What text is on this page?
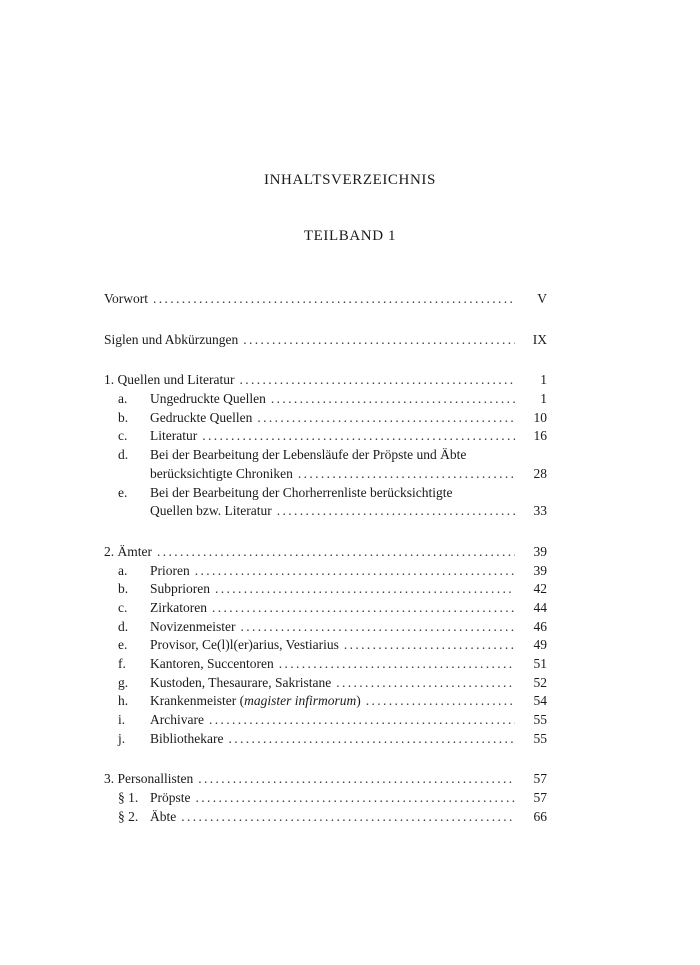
INHALTSVERZEICHNIS
TEILBAND 1
Vorwort . . .	V
Siglen und Abkürzungen . . .	IX
1. Quellen und Literatur . . .	1
a.	Ungedruckte Quellen . . .	1
b.	Gedruckte Quellen . . .	10
c.	Literatur . . .	16
d.	Bei der Bearbeitung der Lebensläufe der Pröpste und Äbte
berücksichtigte Chroniken . . .	28
e.	Bei der Bearbeitung der Chorherrenliste berücksichtigte
Quellen bzw. Literatur . . .	33
2. Ämter . . .	39
a.	Prioren . . .	39
b.	Subprioren . . .	42
c.	Zirkatoren . . .	44
d.	Novizenmeister . . .	46
e.	Provisor, Ce(l)l(er)arius, Vestiarius . . .	49
f.	Kantoren, Succentoren . . .	51
g.	Kustoden, Thesaurare, Sakristane . . .	52
h.	Krankenmeister (magister infirmorum) . . .	54
i.	Archivare . . .	55
j.	Bibliothekare . . .	55
3. Personallisten . . .	57
§ 1. Pröpste . . .	57
§ 2. Äbte . . .	66
